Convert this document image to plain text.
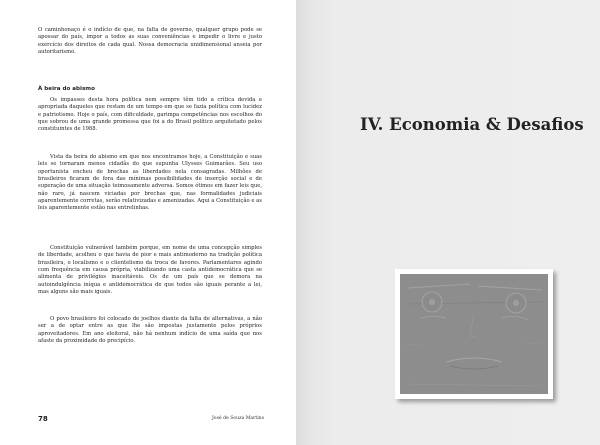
O caminhonaço é o indício de que, na falta de governo, qualquer grupo pode se apossar do país, impor a todos as suas conveniências e impedir o livre e justo exercício dos direitos de cada qual. Nossa democracia unidimensional anseia por autoritarismo.

À beira do abismo

Os impasses desta hora política nem sempre têm tido a crítica devida e apropriada daqueles que restam de um tempo em que se fazia política com lucidez e patriotismo. Hoje o país, com dificuldade, garimpa competências nos escolhos do que sobrou de uma grande promessa que foi a do Brasil político arquitetado pelos constituintes de 1988.

Vista da beira do abismo em que nos encontramos hoje, a Constituição e suas leis se tornaram menos cidadãs do que supunha Ulysses Guimarães. Seu uso oportunista encheu de brechas as liberdades nela consagradas. Milhões de brasileiros ficaram de fora das mínimas possibilidades de inserção social e de superação de uma situação teimosamente adversa. Somos ótimos em fazer leis que, não raro, já nascem viciadas por brechas que, nas formalidades judiciais aparentemente corretas, serão relativizadas e amenizadas. Aqui a Constituição e as leis aparentemente estão nas entrelinhas.

Constituição vulnerável também porque, em nome de uma concepção simples de liberdade, acolheu o que havia de pior e mais antimoderno na tradição política brasileira, o localismo e o clientelismo da troca de favores. Parlamentares agindo com frequência em causa própria, viabilizando uma casta antidemocrática que se alimenta de privilégios inaceitáveis. Os de um país que se demora na autoindulgência iníqua e antidemocrática de que todos são iguais perante a lei, mas alguns são mais iguais.

O povo brasileiro foi colocado de joelhos diante da falta de alternativas, a não ser a de optar entre as que lhe são impostas justamente pelos próprios aproveitadores. Em ano eleitoral, não há nenhum indício de uma saída que nos afaste da proximidade do precipício.

78	José de Souza Martins
IV. Economia & Desafios
